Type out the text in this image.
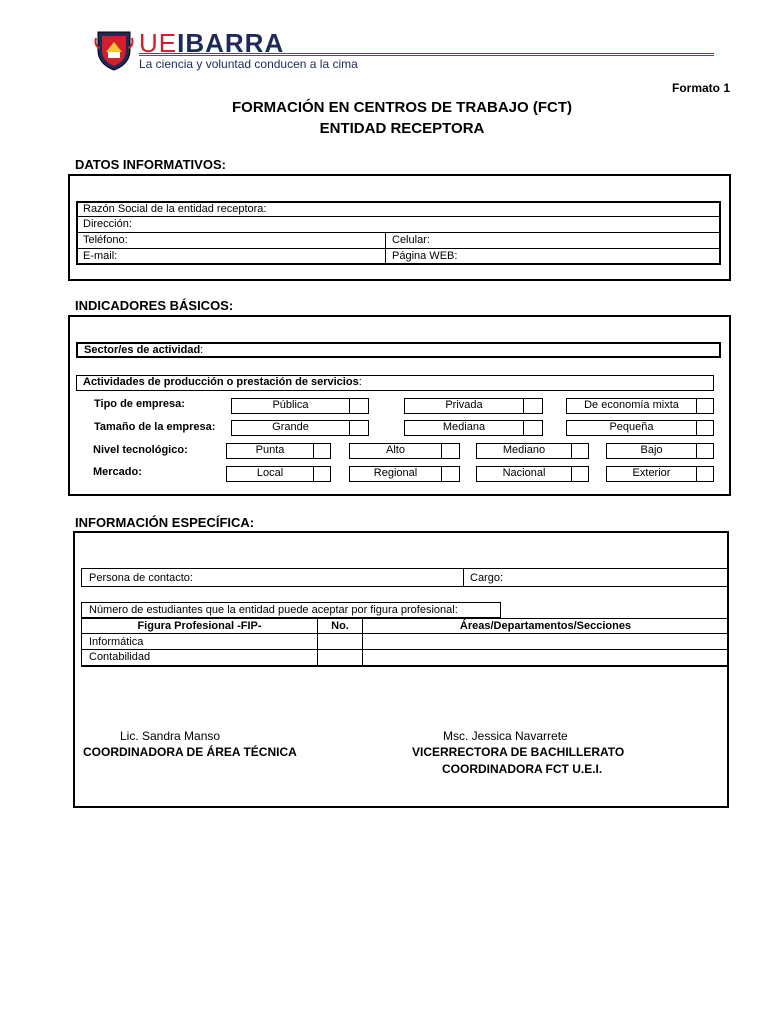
UEIBARRA
La ciencia y voluntad conducen a la cima
Formato 1
FORMACIÓN EN CENTROS DE TRABAJO (FCT)
ENTIDAD RECEPTORA
DATOS INFORMATIVOS:
Razón Social de la entidad receptora:
Dirección:
Teléfono:	Celular:
E-mail:	Página WEB:
INDICADORES BÁSICOS:
Sector/es de actividad:
Actividades de producción o prestación de servicios:
Tipo de empresa:	Pública	Privada	De economía mixta
Tamaño de la empresa:	Grande	Mediana	Pequeña
Nivel tecnológico:	Punta	Alto	Mediano	Bajo
Mercado:	Local	Regional	Nacional	Exterior
INFORMACIÓN ESPECÍFICA:
Persona de contacto:	Cargo:
Número de estudiantes que la entidad puede aceptar por figura profesional:
Figura Profesional -FIP-	No.	Áreas/Departamentos/Secciones
Informática
Contabilidad
Lic. Sandra Manso
COORDINADORA DE ÁREA TÉCNICA
Msc. Jessica Navarrete
VICERRECTORA DE BACHILLERATO
COORDINADORA FCT U.E.I.
